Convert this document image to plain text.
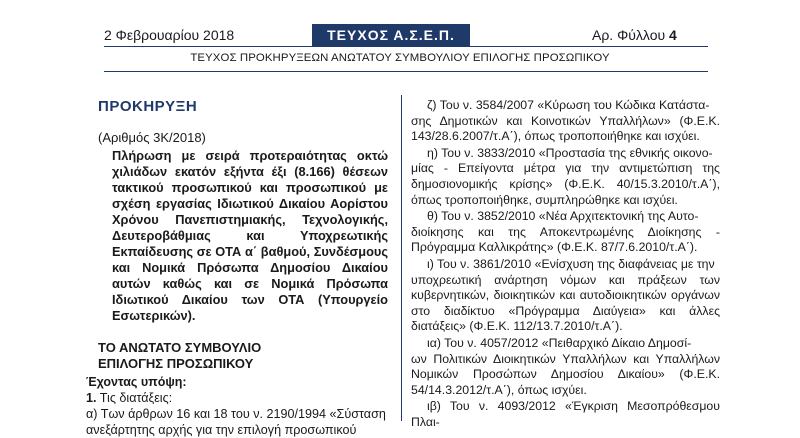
2 Φεβρουαρίου 2018	ΤΕΥΧΟΣ Α.Σ.Ε.Π.	Αρ. Φύλλου 4
ΤΕΥΧΟΣ ΠΡΟΚΗΡΥΞΕΩΝ ΑΝΩΤΑΤΟΥ ΣΥΜΒΟΥΛΙΟΥ ΕΠΙΛΟΓΗΣ ΠΡΟΣΩΠΙΚΟΥ
ΠΡΟΚΗΡΥΞΗ
(Αριθμός 3Κ/2018)
Πλήρωση με σειρά προτεραιότητας οκτώ χιλιάδων εκατόν εξήντα έξι (8.166) θέσεων τακτικού προσωπικού και προσωπικού με σχέση εργασίας Ιδιωτικού Δικαίου Αορίστου Χρόνου Πανεπιστημιακής, Τεχνολογικής, Δευτεροβάθμιας και Υποχρεωτικής Εκπαίδευσης σε ΟΤΑ α΄ βαθμού, Συνδέσμους και Νομικά Πρόσωπα Δημοσίου Δικαίου αυτών καθώς και σε Νομικά Πρόσωπα Ιδιωτικού Δικαίου των ΟΤΑ (Υπουργείο Εσωτερικών).
ΤΟ ΑΝΩΤΑΤΟ ΣΥΜΒΟΥΛΙΟ
ΕΠΙΛΟΓΗΣ ΠΡΟΣΩΠΙΚΟΥ
Έχοντας υπόψη:
1. Τις διατάξεις:
α) Των άρθρων 16 και 18 του ν. 2190/1994 «Σύσταση
ανεξάρτητης αρχής για την επιλογή προσωπικού
ζ) Του ν. 3584/2007 «Κύρωση του Κώδικα Κατάστα-
σης Δημοτικών και Κοινοτικών Υπαλλήλων» (Φ.Ε.Κ. 143/28.6.2007/τ.Α΄), όπως τροποποιήθηκε και ισχύει.
η) Του ν. 3833/2010 «Προστασία της εθνικής οικονο-
μίας - Επείγοντα μέτρα για την αντιμετώπιση της δημοσιονομικής κρίσης» (Φ.Ε.Κ. 40/15.3.2010/τ.Α΄), όπως τροποποιήθηκε, συμπληρώθηκε και ισχύει.
θ) Του ν. 3852/2010 «Νέα Αρχιτεκτονική της Αυτο-
διοίκησης και της Αποκεντρωμένης Διοίκησης - Πρόγραμμα Καλλικράτης» (Φ.Ε.Κ. 87/7.6.2010/τ.Α΄).
ι) Του ν. 3861/2010 «Ενίσχυση της διαφάνειας με την
υποχρεωτική ανάρτηση νόμων και πράξεων των κυβερνητικών, διοικητικών και αυτοδιοικητικών οργάνων στο διαδίκτυο «Πρόγραμμα Διαύγεια» και άλλες διατάξεις» (Φ.Ε.Κ. 112/13.7.2010/τ.Α΄).
ια) Του ν. 4057/2012 «Πειθαρχικό Δίκαιο Δημοσί-
ων Πολιτικών Διοικητικών Υπαλλήλων και Υπαλλήλων Νομικών Προσώπων Δημοσίου Δικαίου» (Φ.Ε.Κ. 54/14.3.2012/τ.Α΄), όπως ισχύει.
ιβ) Του ν. 4093/2012 «Έγκριση Μεσοπρόθεσμου Πλαι-
